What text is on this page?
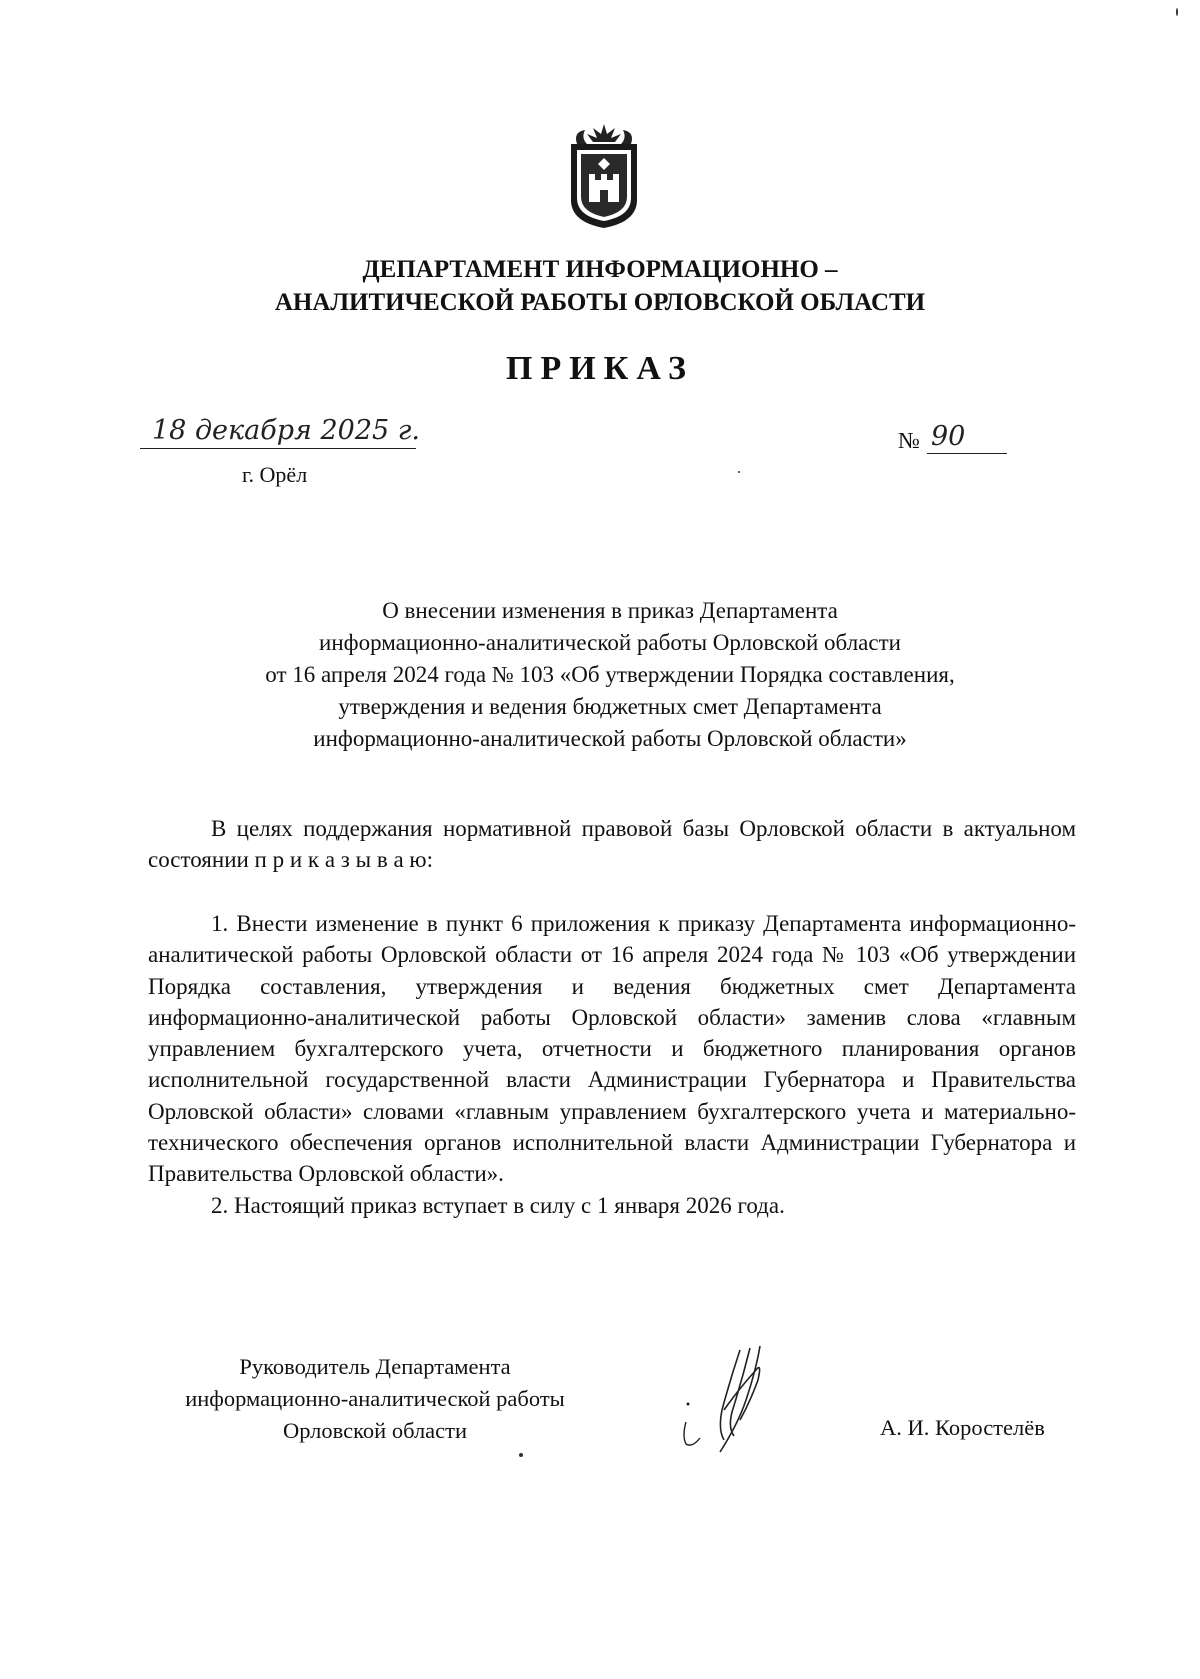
ДЕПАРТАМЕНТ ИНФОРМАЦИОННО –
АНАЛИТИЧЕСКОЙ РАБОТЫ ОРЛОВСКОЙ ОБЛАСТИ
ПРИКАЗ
18 декабря 2025 г.
г. Орёл
№ 90
О внесении изменения в приказ Департамента
информационно-аналитической работы Орловской области
от 16 апреля 2024 года № 103 «Об утверждении Порядка составления,
утверждения и ведения бюджетных смет Департамента
информационно-аналитической работы Орловской области»

В целях поддержания нормативной правовой базы Орловской области в актуальном состоянии п р и к а з ы в а ю:

1. Внести изменение в пункт 6 приложения к приказу Департамента информационно-аналитической работы Орловской области от 16 апреля 2024 года № 103 «Об утверждении Порядка составления, утверждения и ведения бюджетных смет Департамента информационно-аналитической работы Орловской области» заменив слова «главным управлением бухгалтерского учета, отчетности и бюджетного планирования органов исполнительной государственной власти Администрации Губернатора и Правительства Орловской области» словами «главным управлением бухгалтерского учета и материально-технического обеспечения органов исполнительной власти Администрации Губернатора и Правительства Орловской области».

2. Настоящий приказ вступает в силу с 1 января 2026 года.

Руководитель Департамента
информационно-аналитической работы
Орловской области	А. И. Коростелёв
